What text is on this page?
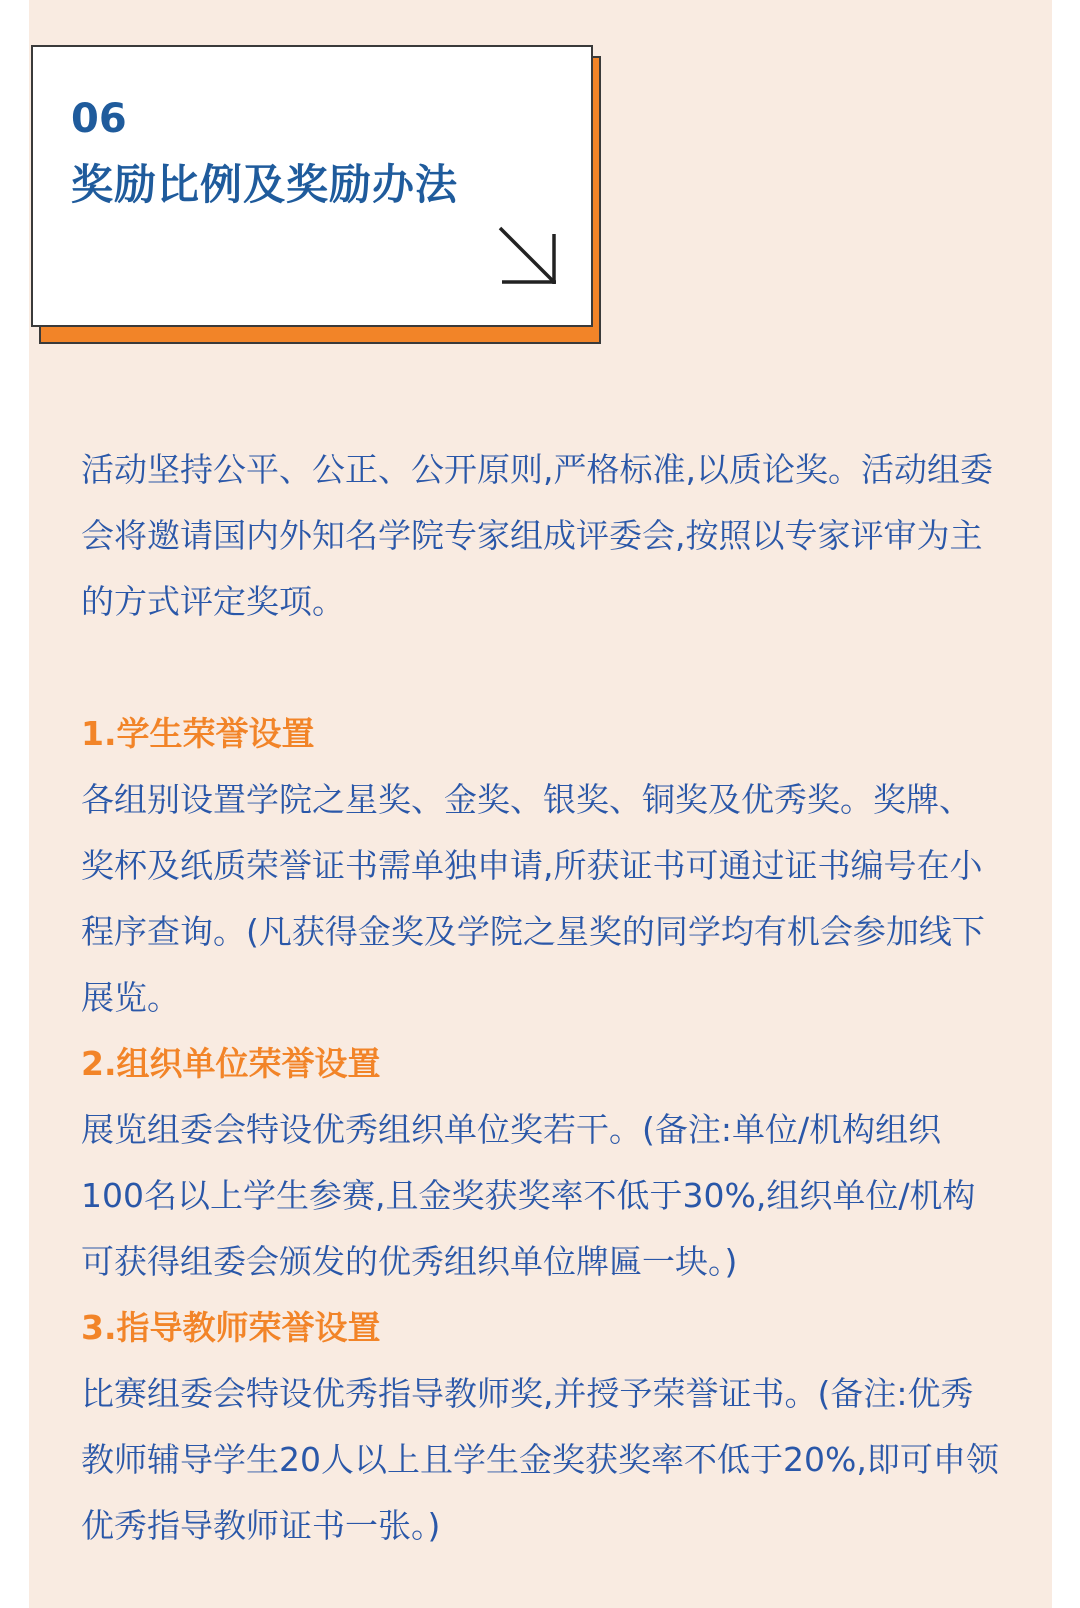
06
奖励比例及奖励办法

活动坚持公平、公正、公开原则,严格标准,以质论奖。活动组委会将邀请国内外知名学院专家组成评委会,按照以专家评审为主的方式评定奖项。

1.学生荣誉设置

各组别设置学院之星奖、金奖、银奖、铜奖及优秀奖。奖牌、奖杯及纸质荣誉证书需单独申请,所获证书可通过证书编号在小程序查询。(凡获得金奖及学院之星奖的同学均有机会参加线下展览。

2.组织单位荣誉设置

展览组委会特设优秀组织单位奖若干。(备注:单位/机构组织100名以上学生参赛,且金奖获奖率不低于30%,组织单位/机构可获得组委会颁发的优秀组织单位牌匾一块。)

3.指导教师荣誉设置

比赛组委会特设优秀指导教师奖,并授予荣誉证书。(备注:优秀教师辅导学生20人以上且学生金奖获奖率不低于20%,即可申领优秀指导教师证书一张。)
